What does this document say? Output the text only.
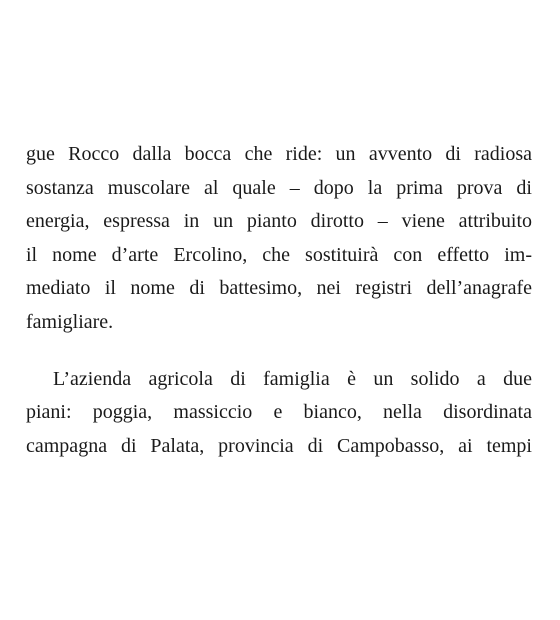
gue Rocco dalla bocca che ride: un avvento di radiosa
sostanza muscolare al quale – dopo la prima prova di
energia, espressa in un pianto dirotto – viene attribuito
il nome d’arte Ercolino, che sostituirà con effetto im-
mediato il nome di battesimo, nei registri dell’anagrafe
famigliare.
L’azienda agricola di famiglia è un solido a due
piani: poggia, massiccio e bianco, nella disordinata
campagna di Palata, provincia di Campobasso, ai tempi
